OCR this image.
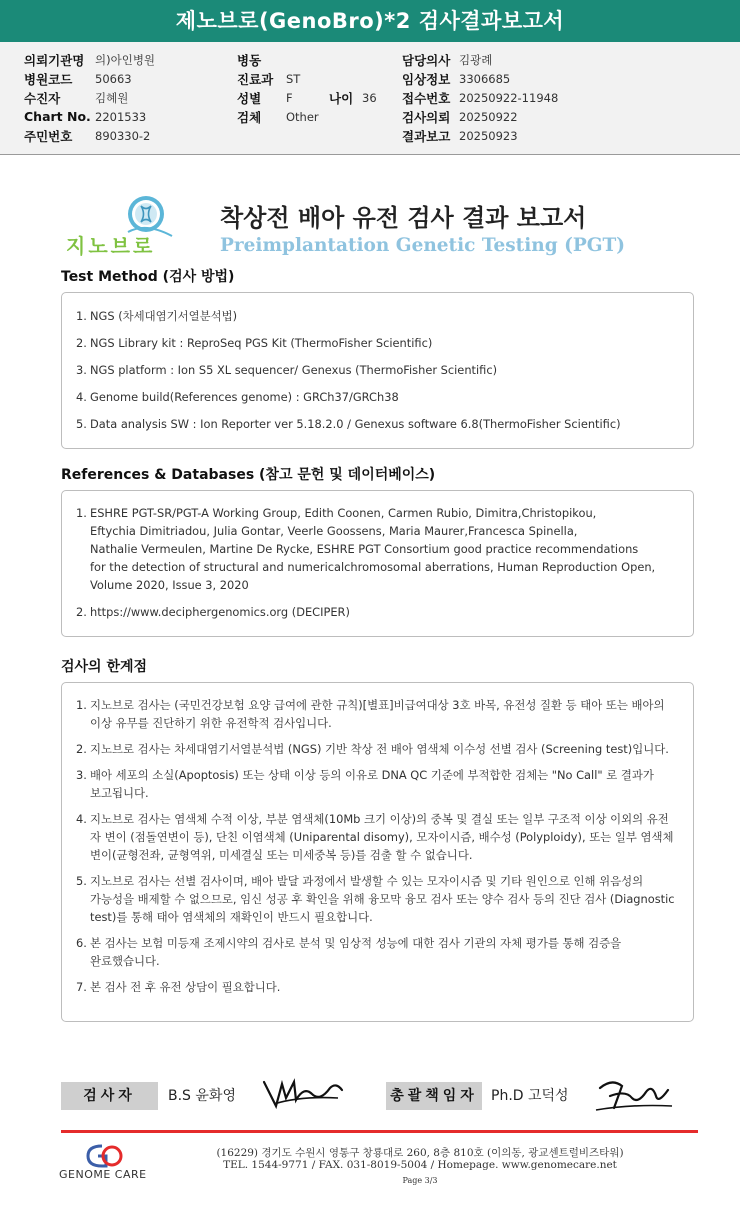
제노브로(GenoBro)*2 검사결과보고서
의뢰기관명 의)아인병원
병원코드	50663
수진자	김혜원
Chart No. 2201533
주민번호	890330-2
병동
진료과	ST
성별	F	나이 36
검체	Other
담당의사 김광례
임상정보 3306685
접수번호 20250922-11948
검사의뢰 20250922
결과보고 20250923
지노브로
착상전 배아 유전 검사 결과 보고서
Preimplantation Genetic Testing (PGT)
Test Method (검사 방법)
1. NGS (차세대염기서열분석법)
2. NGS Library kit : ReproSeq PGS Kit (ThermoFisher Scientific)
3. NGS platform : Ion S5 XL sequencer/ Genexus (ThermoFisher Scientific)
4. Genome build(References genome) : GRCh37/GRCh38
5. Data analysis SW : Ion Reporter ver 5.18.2.0 / Genexus software 6.8(ThermoFisher Scientific)
References & Databases (참고 문헌 및 데이터베이스)
1. ESHRE PGT-SR/PGT-A Working Group, Edith Coonen, Carmen Rubio, Dimitra,Christopikou,
Eftychia Dimitriadou, Julia Gontar, Veerle Goossens, Maria Maurer,Francesca Spinella,
Nathalie Vermeulen, Martine De Rycke, ESHRE PGT Consortium good practice recommendations
for the detection of structural and numericalchromosomal aberrations, Human Reproduction Open,
Volume 2020, Issue 3, 2020
2. https://www.deciphergenomics.org (DECIPER)
검사의 한계점
1. 지노브로 검사는 (국민건강보험 요양 급여에 관한 규칙)[별표]비급여대상 3호 바목, 유전성 질환 등 태아 또는 배아의
이상 유무를 진단하기 위한 유전학적 검사입니다.
2. 지노브로 검사는 차세대염기서열분석법 (NGS) 기반 착상 전 배아 염색체 이수성 선별 검사 (Screening test)입니다.
3. 배아 세포의 소실(Apoptosis) 또는 상태 이상 등의 이유로 DNA QC 기준에 부적합한 검체는 "No Call" 로 결과가
보고됩니다.
4. 지노브로 검사는 염색체 수적 이상, 부분 염색체(10Mb 크기 이상)의 중복 및 결실 또는 일부 구조적 이상 이외의 유전
자 변이 (점돌연변이 등), 단친 이염색체 (Uniparental disomy), 모자이시즘, 배수성 (Polyploidy), 또는 일부 염색체
변이(균형전좌, 균형역위, 미세결실 또는 미세중복 등)를 검출 할 수 없습니다.
5. 지노브로 검사는 선별 검사이며, 배아 발달 과정에서 발생할 수 있는 모자이시즘 및 기타 원인으로 인해 위음성의
가능성을 배제할 수 없으므로, 임신 성공 후 확인을 위해 융모막 융모 검사 또는 양수 검사 등의 진단 검사 (Diagnostic
test)를 통해 태아 염색체의 재확인이 반드시 필요합니다.
6. 본 검사는 보험 미등재 조제시약의 검사로 분석 및 임상적 성능에 대한 검사 기관의 자체 평가를 통해 검증을
완료했습니다.
7. 본 검사 전 후 유전 상담이 필요합니다.
검사자	B.S 윤화영	총괄책임자 Ph.D 고덕성
GENOME CARE
(16229) 경기도 수원시 영통구 창룡대로 260, 8층 810호 (이의동, 광교센트럴비즈타워)
TEL. 1544-9771 / FAX. 031-8019-5004 / Homepage. www.genomecare.net
Page 3/3
